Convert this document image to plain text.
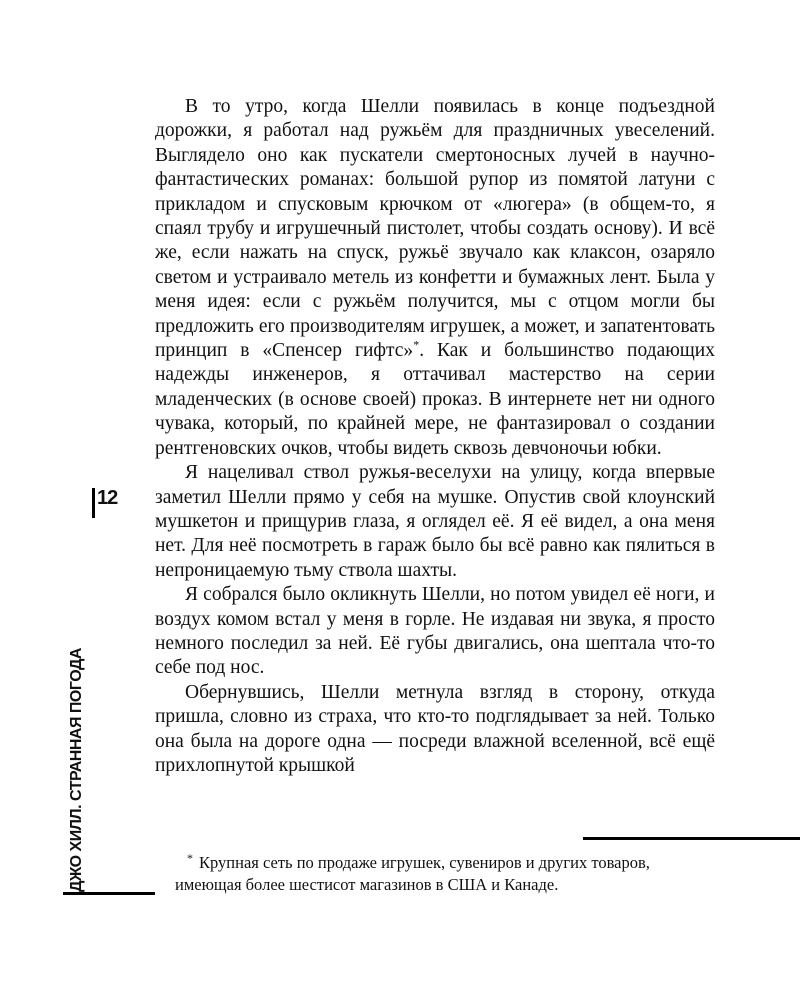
В то утро, когда Шелли появилась в конце подъездной дорожки, я работал над ружьём для праздничных увеселений. Выглядело оно как пускатели смертоносных лучей в научно-фантастических романах: большой рупор из помятой латуни с прикладом и спусковым крючком от «люгера» (в общем-то, я спаял трубу и игрушечный пистолет, чтобы создать основу). И всё же, если нажать на спуск, ружьё звучало как клаксон, озаряло светом и устраивало метель из конфетти и бумажных лент. Была у меня идея: если с ружьём получится, мы с отцом могли бы предложить его производителям игрушек, а может, и запатентовать принцип в «Спенсер гифтс»*. Как и большинство подающих надежды инженеров, я оттачивал мастерство на серии младенческих (в основе своей) проказ. В интернете нет ни одного чувака, который, по крайней мере, не фантазировал о создании рентгеновских очков, чтобы видеть сквозь девчоночьи юбки.

Я нацеливал ствол ружья-веселухи на улицу, когда впервые заметил Шелли прямо у себя на мушке. Опустив свой клоунский мушкетон и прищурив глаза, я оглядел её. Я её видел, а она меня нет. Для неё посмотреть в гараж было бы всё равно как пялиться в непроницаемую тьму ствола шахты.

Я собрался было окликнуть Шелли, но потом увидел её ноги, и воздух комом встал у меня в горле. Не издавая ни звука, я просто немного последил за ней. Её губы двигались, она шептала что-то себе под нос.

Обернувшись, Шелли метнула взгляд в сторону, откуда пришла, словно из страха, что кто-то подглядывает за ней. Только она была на дороге одна — посреди влажной вселенной, всё ещё прихлопнутой крышкой

12
ДЖО ХИЛЛ. СТРАННАЯ ПОГОДА	* Крупная сеть по продаже игрушек, сувениров и других товаров, имеющая более шестисот магазинов в США и Канаде.
